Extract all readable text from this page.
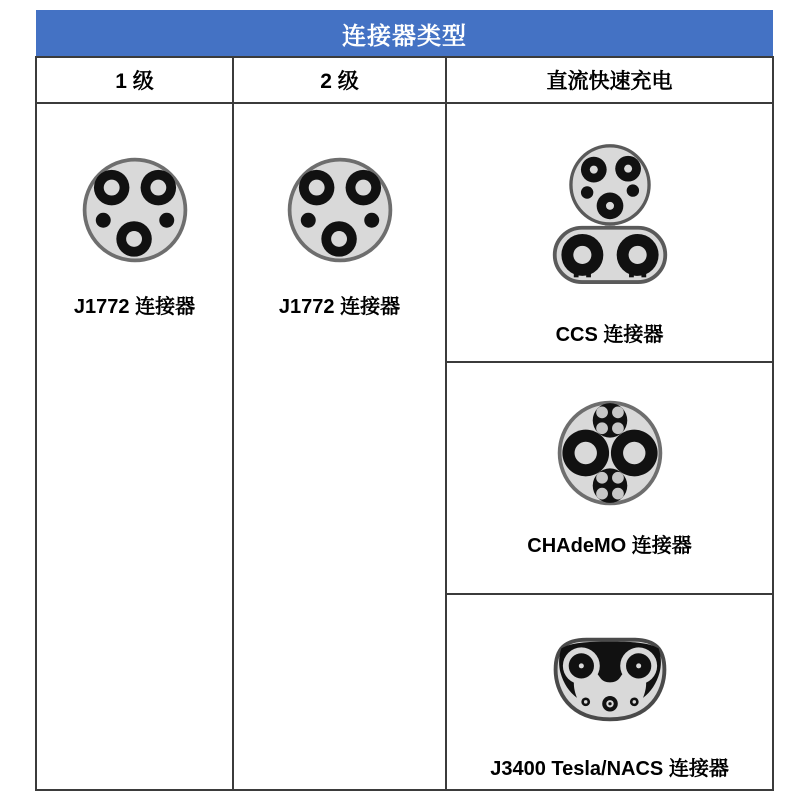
连接器类型		
1 级	2 级	直流快速充电

J1772 连接器	J1772 连接器	CCS 连接器

		CHAdeMO 连接器

		J3400 Tesla/NACS 连接器
